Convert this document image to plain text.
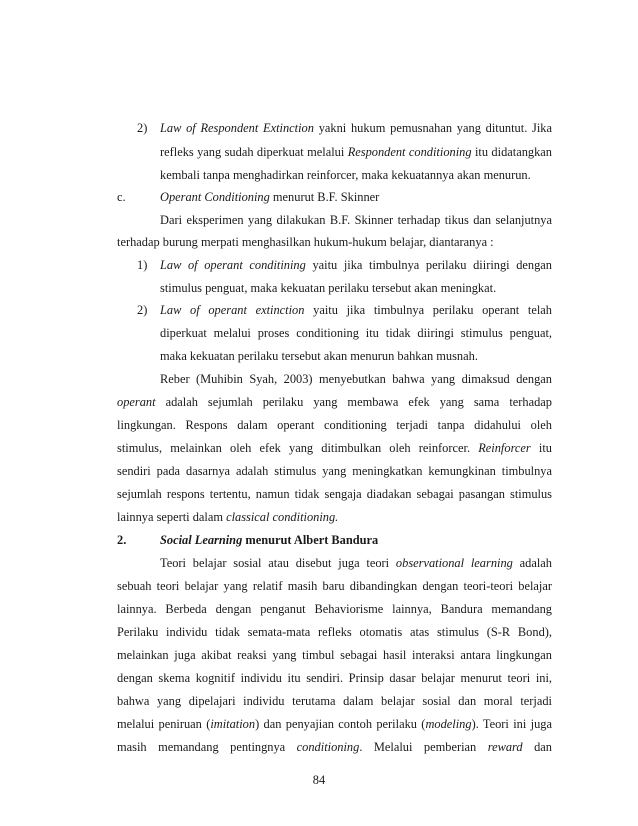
2) Law of Respondent Extinction yakni hukum pemusnahan yang dituntut. Jika
refleks yang sudah diperkuat melalui Respondent conditioning itu didatangkan
kembali tanpa menghadirkan reinforcer, maka kekuatannya akan menurun.
c.	Operant Conditioning menurut B.F. Skinner
Dari eksperimen yang dilakukan B.F. Skinner terhadap tikus dan selanjutnya
terhadap burung merpati menghasilkan hukum-hukum belajar, diantaranya :
1) Law of operant conditining yaitu jika timbulnya perilaku diiringi dengan
stimulus penguat, maka kekuatan perilaku tersebut akan meningkat.
2) Law of operant extinction yaitu jika timbulnya perilaku operant telah
diperkuat melalui proses conditioning itu tidak diiringi stimulus penguat,
maka kekuatan perilaku tersebut akan menurun bahkan musnah.
Reber (Muhibin Syah, 2003) menyebutkan bahwa yang dimaksud dengan
operant adalah sejumlah perilaku yang membawa efek yang sama terhadap
lingkungan. Respons dalam operant conditioning terjadi tanpa didahului oleh
stimulus, melainkan oleh efek yang ditimbulkan oleh reinforcer. Reinforcer itu
sendiri pada dasarnya adalah stimulus yang meningkatkan kemungkinan timbulnya
sejumlah respons tertentu, namun tidak sengaja diadakan sebagai pasangan stimulus
lainnya seperti dalam classical conditioning.
2.	Social Learning menurut Albert Bandura
Teori belajar sosial atau disebut juga teori observational learning adalah
sebuah teori belajar yang relatif masih baru dibandingkan dengan teori-teori belajar
lainnya. Berbeda dengan penganut Behaviorisme lainnya, Bandura memandang
Perilaku individu tidak semata-mata refleks otomatis atas stimulus (S-R Bond),
melainkan juga akibat reaksi yang timbul sebagai hasil interaksi antara lingkungan
dengan skema kognitif individu itu sendiri. Prinsip dasar belajar menurut teori ini,
bahwa yang dipelajari individu terutama dalam belajar sosial dan moral terjadi
melalui peniruan (imitation) dan penyajian contoh perilaku (modeling). Teori ini juga
masih memandang pentingnya conditioning. Melalui pemberian reward dan
84
